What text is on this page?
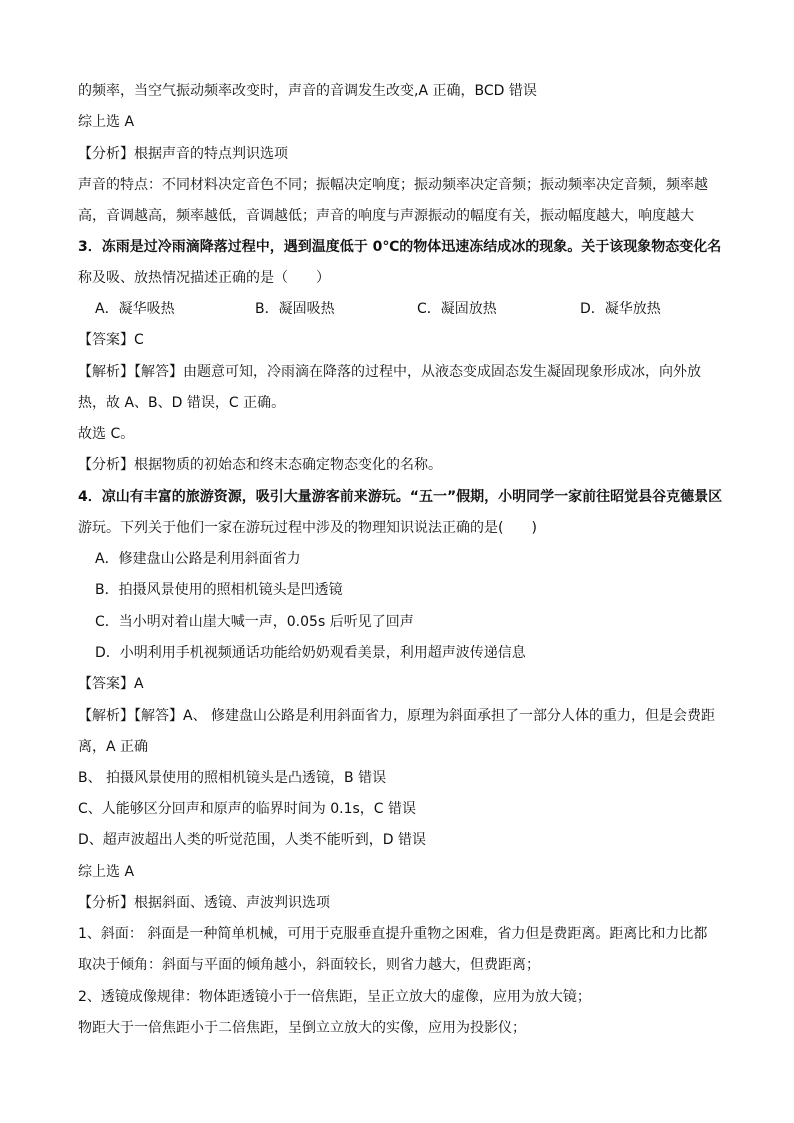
的频率，当空气振动频率改变时，声音的音调发生改变,A 正确，BCD 错误
综上选 A
【分析】根据声音的特点判识选项
声音的特点：不同材料决定音色不同；振幅决定响度；振动频率决定音频；振动频率决定音频，频率越
高，音调越高，频率越低，音调越低；声音的响度与声源振动的幅度有关，振动幅度越大，响度越大
3．冻雨是过冷雨滴降落过程中，遇到温度低于 0℃的物体迅速冻结成冰的现象。关于该现象物态变化名
称及吸、放热情况描述正确的是（　　）
A．凝华吸热	B．凝固吸热	C．凝固放热	D．凝华放热
【答案】C
【解析】【解答】由题意可知，冷雨滴在降落的过程中，从液态变成固态发生凝固现象形成冰，向外放
热，故 A、B、D 错误，C 正确。
故选 C。
【分析】根据物质的初始态和终末态确定物态变化的名称。
4．凉山有丰富的旅游资源，吸引大量游客前来游玩。“五一”假期，小明同学一家前往昭觉县谷克德景区
游玩。下列关于他们一家在游玩过程中涉及的物理知识说法正确的是(　　)
A．修建盘山公路是利用斜面省力
B．拍摄风景使用的照相机镜头是凹透镜
C．当小明对着山崖大喊一声，0.05s 后听见了回声
D．小明利用手机视频通话功能给奶奶观看美景，利用超声波传递信息
【答案】A
【解析】【解答】A、 修建盘山公路是利用斜面省力，原理为斜面承担了一部分人体的重力，但是会费距
离，A 正确
B、 拍摄风景使用的照相机镜头是凸透镜，B 错误
C、人能够区分回声和原声的临界时间为 0.1s，C 错误
D、超声波超出人类的听觉范围，人类不能听到，D 错误
综上选 A
【分析】根据斜面、透镜、声波判识选项
1、斜面： 斜面是一种简单机械，可用于克服垂直提升重物之困难，省力但是费距离。距离比和力比都
取决于倾角：斜面与平面的倾角越小，斜面较长，则省力越大，但费距离；
2、透镜成像规律：物体距透镜小于一倍焦距，呈正立放大的虚像，应用为放大镜；
物距大于一倍焦距小于二倍焦距，呈倒立立放大的实像，应用为投影仪；
